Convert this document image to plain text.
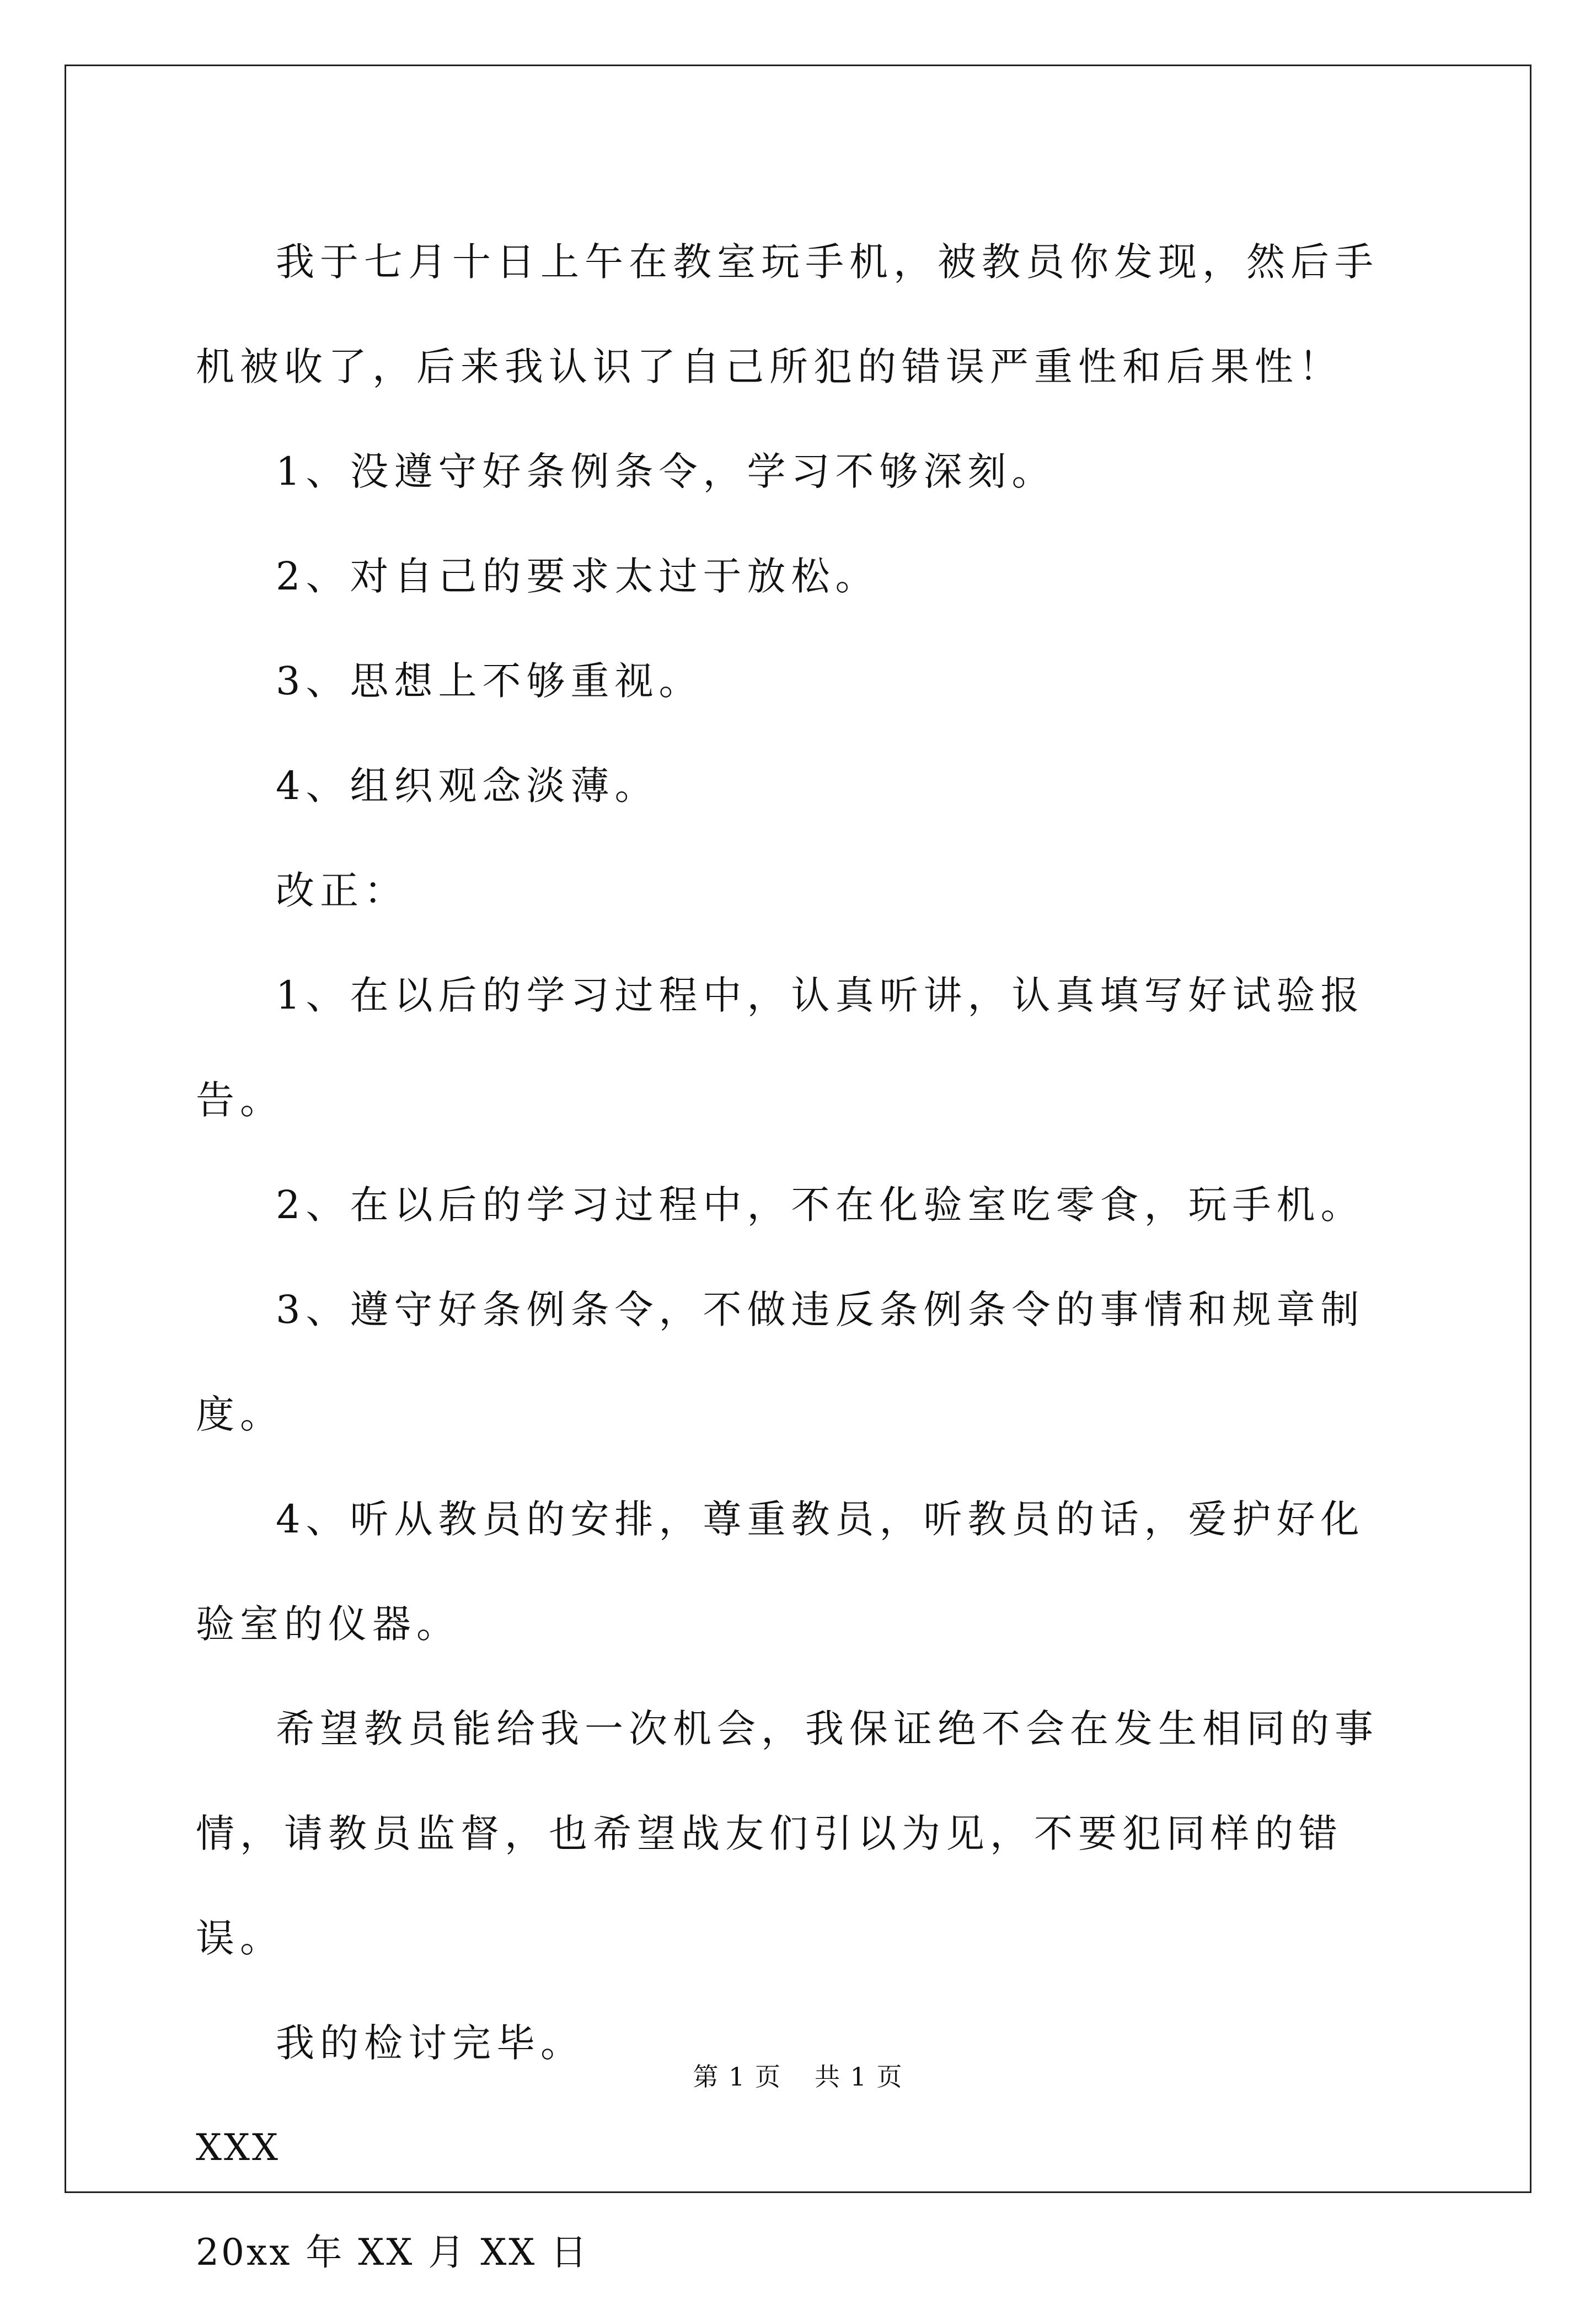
我于七月十日上午在教室玩手机，被教员你发现，然后手机被收了，后来我认识了自己所犯的错误严重性和后果性！

1、没遵守好条例条令，学习不够深刻。

2、对自己的要求太过于放松。

3、思想上不够重视。

4、组织观念淡薄。

改正：

1、在以后的学习过程中，认真听讲，认真填写好试验报告。

2、在以后的学习过程中，不在化验室吃零食，玩手机。

3、遵守好条例条令，不做违反条例条令的事情和规章制度。

4、听从教员的安排，尊重教员，听教员的话，爱护好化验室的仪器。

希望教员能给我一次机会，我保证绝不会在发生相同的事情，请教员监督，也希望战友们引以为见，不要犯同样的错误。

我的检讨完毕。

XXX

20xx 年 XX 月 XX 日

第 1 页 共 1 页
